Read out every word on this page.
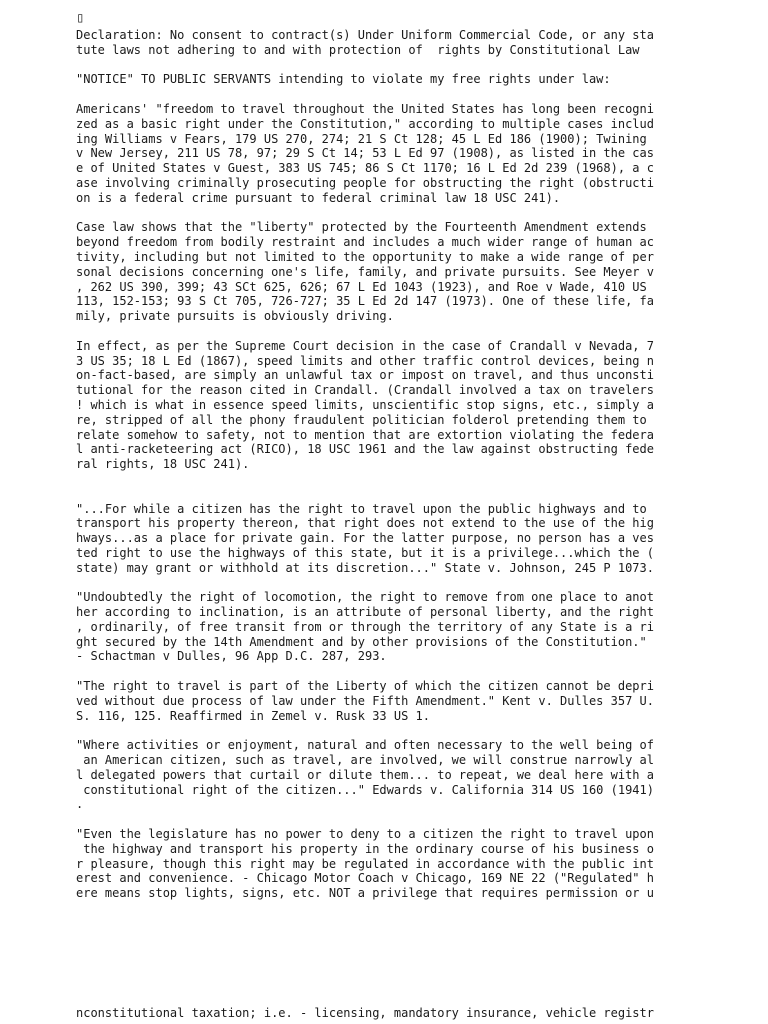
▯
Declaration: No consent to contract(s) Under Uniform Commercial Code, or any sta
tute laws not adhering to and with protection of  rights by Constitutional Law
"NOTICE" TO PUBLIC SERVANTS intending to violate my free rights under law:
Americans' "freedom to travel throughout the United States has long been recogni
zed as a basic right under the Constitution," according to multiple cases includ
ing Williams v Fears, 179 US 270, 274; 21 S Ct 128; 45 L Ed 186 (1900); Twining
v New Jersey, 211 US 78, 97; 29 S Ct 14; 53 L Ed 97 (1908), as listed in the cas
e of United States v Guest, 383 US 745; 86 S Ct 1170; 16 L Ed 2d 239 (1968), a c
ase involving criminally prosecuting people for obstructing the right (obstructi
on is a federal crime pursuant to federal criminal law 18 USC 241).
Case law shows that the "liberty" protected by the Fourteenth Amendment extends
beyond freedom from bodily restraint and includes a much wider range of human ac
tivity, including but not limited to the opportunity to make a wide range of per
sonal decisions concerning one's life, family, and private pursuits. See Meyer v
, 262 US 390, 399; 43 SCt 625, 626; 67 L Ed 1043 (1923), and Roe v Wade, 410 US
113, 152-153; 93 S Ct 705, 726-727; 35 L Ed 2d 147 (1973). One of these life, fa
mily, private pursuits is obviously driving.
In effect, as per the Supreme Court decision in the case of Crandall v Nevada, 7
3 US 35; 18 L Ed (1867), speed limits and other traffic control devices, being n
on-fact-based, are simply an unlawful tax or impost on travel, and thus unconsti
tutional for the reason cited in Crandall. (Crandall involved a tax on travelers
! which is what in essence speed limits, unscientific stop signs, etc., simply a
re, stripped of all the phony fraudulent politician folderol pretending them to
relate somehow to safety, not to mention that are extortion violating the federa
l anti-racketeering act (RICO), 18 USC 1961 and the law against obstructing fede
ral rights, 18 USC 241).
"...For while a citizen has the right to travel upon the public highways and to
transport his property thereon, that right does not extend to the use of the hig
hways...as a place for private gain. For the latter purpose, no person has a ves
ted right to use the highways of this state, but it is a privilege...which the (
state) may grant or withhold at its discretion..." State v. Johnson, 245 P 1073.
"Undoubtedly the right of locomotion, the right to remove from one place to anot
her according to inclination, is an attribute of personal liberty, and the right
, ordinarily, of free transit from or through the territory of any State is a ri
ght secured by the 14th Amendment and by other provisions of the Constitution."
- Schactman v Dulles, 96 App D.C. 287, 293.
"The right to travel is part of the Liberty of which the citizen cannot be depri
ved without due process of law under the Fifth Amendment." Kent v. Dulles 357 U.
S. 116, 125. Reaffirmed in Zemel v. Rusk 33 US 1.
"Where activities or enjoyment, natural and often necessary to the well being of
an American citizen, such as travel, are involved, we will construe narrowly al
l delegated powers that curtail or dilute them... to repeat, we deal here with a
constitutional right of the citizen..." Edwards v. California 314 US 160 (1941)
.
"Even the legislature has no power to deny to a citizen the right to travel upon
the highway and transport his property in the ordinary course of his business o
r pleasure, though this right may be regulated in accordance with the public int
erest and convenience. - Chicago Motor Coach v Chicago, 169 NE 22 ("Regulated" h
ere means stop lights, signs, etc. NOT a privilege that requires permission or u
nconstitutional taxation; i.e. - licensing, mandatory insurance, vehicle registr
